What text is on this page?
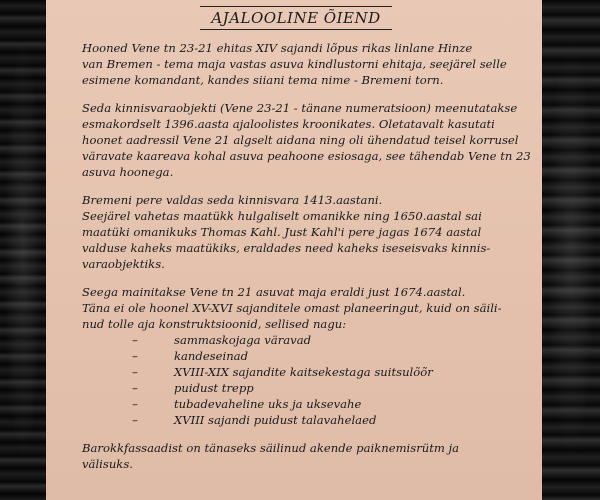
AJALOOLINE ÕIEND
Hooned Vene tn 23-21 ehitas XIV sajandi lõpus rikas linlane Hinze
van Bremen - tema maja vastas asuva kindlustorni ehitaja, seejärel selle
esimene komandant, kandes siiani tema nime - Bremeni torn.
Seda kinnisvaraobjekti (Vene 23-21 - tänane numeratsioon) meenutatakse
esmakordselt 1396.aasta ajaloolistes kroonikates. Oletatavalt kasutati
hoonet aadressil Vene 21 algselt aidana ning oli ühendatud teisel korrusel
väravate kaareava kohal asuva peahoone esiosaga, see tähendab Vene tn 23
asuva hoonega.
Bremeni pere valdas seda kinnisvara 1413.aastani.
Seejärel vahetas maatükk hulgaliselt omanikke ning 1650.aastal sai
maatüki omanikuks Thomas Kahl. Just Kahl'i pere jagas 1674 aastal
valduse kaheks maatükiks, eraldades need kaheks iseseisvaks kinnis-
varaobjektiks.
Seega mainitakse Vene tn 21 asuvat maja eraldi just 1674.aastal.
Täna ei ole hoonel XV-XVI sajanditele omast planeeringut, kuid on säili-
nud tolle aja konstruktsioonid, sellised nagu:
–	sammaskojaga väravad
–	kandeseinad
–	XVIII-XIX sajandite kaitsekestaga suitsulõõr
–	puidust trepp
–	tubadevaheline uks ja uksevahe
–	XVIII sajandi puidust talavahelaed
Barokkfassaadist on tänaseks säilinud akende paiknemisrütm ja
välisuks.
